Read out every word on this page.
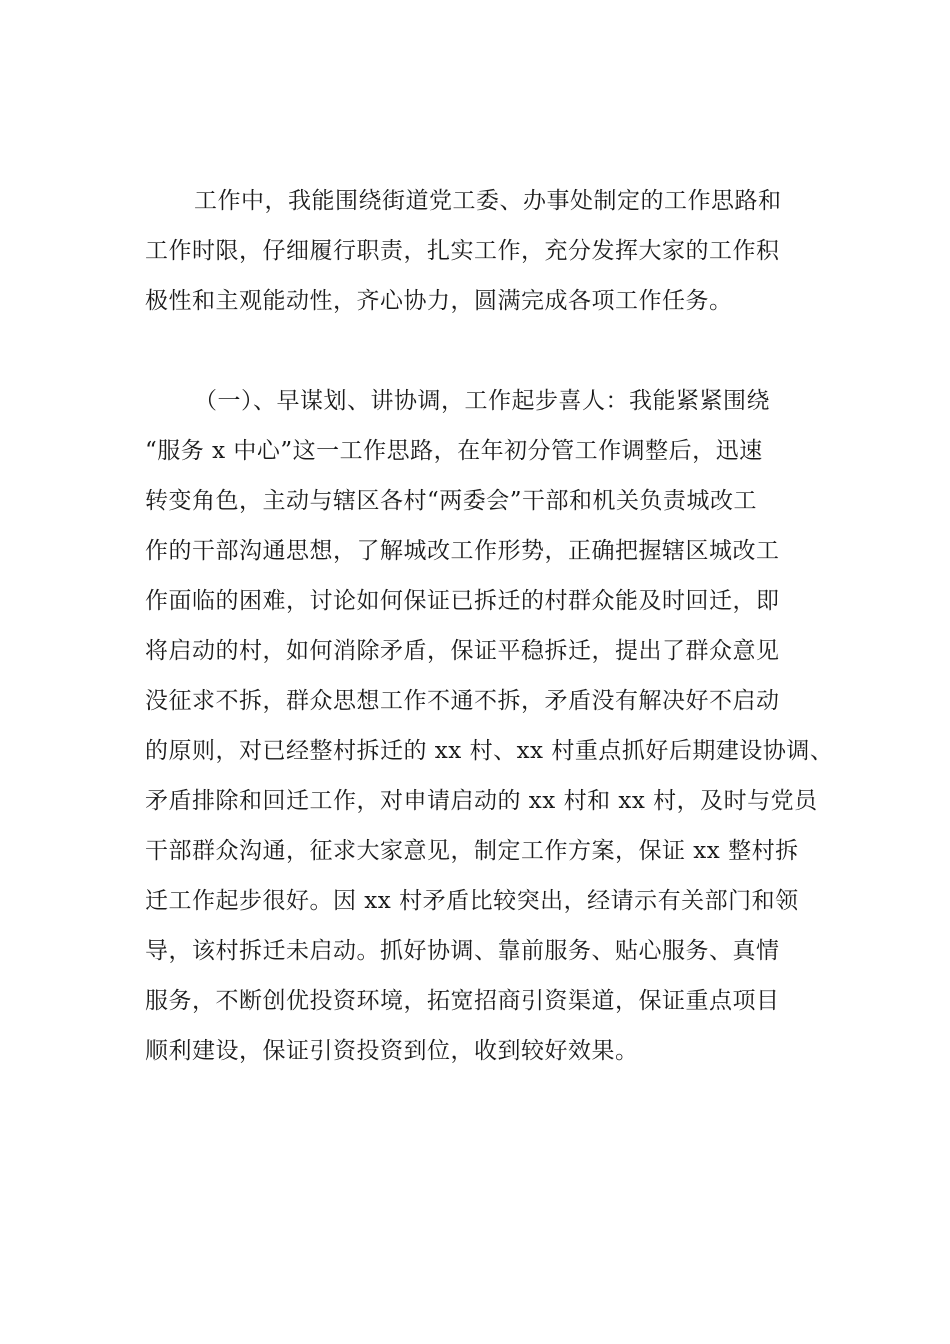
工作中，我能围绕街道党工委、办事处制定的工作思路和
工作时限，仔细履行职责，扎实工作，充分发挥大家的工作积
极性和主观能动性，齐心协力，圆满完成各项工作任务。
（一）、早谋划、讲协调，工作起步喜人：我能紧紧围绕
“服务 x 中心”这一工作思路，在年初分管工作调整后，迅速
转变角色，主动与辖区各村“两委会”干部和机关负责城改工
作的干部沟通思想，了解城改工作形势，正确把握辖区城改工
作面临的困难，讨论如何保证已拆迁的村群众能及时回迁，即
将启动的村，如何消除矛盾，保证平稳拆迁，提出了群众意见
没征求不拆，群众思想工作不通不拆，矛盾没有解决好不启动
的原则，对已经整村拆迁的 xx 村、xx 村重点抓好后期建设协调、
矛盾排除和回迁工作，对申请启动的 xx 村和 xx 村，及时与党员
干部群众沟通，征求大家意见，制定工作方案，保证 xx 整村拆
迁工作起步很好。因 xx 村矛盾比较突出，经请示有关部门和领
导，该村拆迁未启动。抓好协调、靠前服务、贴心服务、真情
服务，不断创优投资环境，拓宽招商引资渠道，保证重点项目
顺利建设，保证引资投资到位，收到较好效果。
